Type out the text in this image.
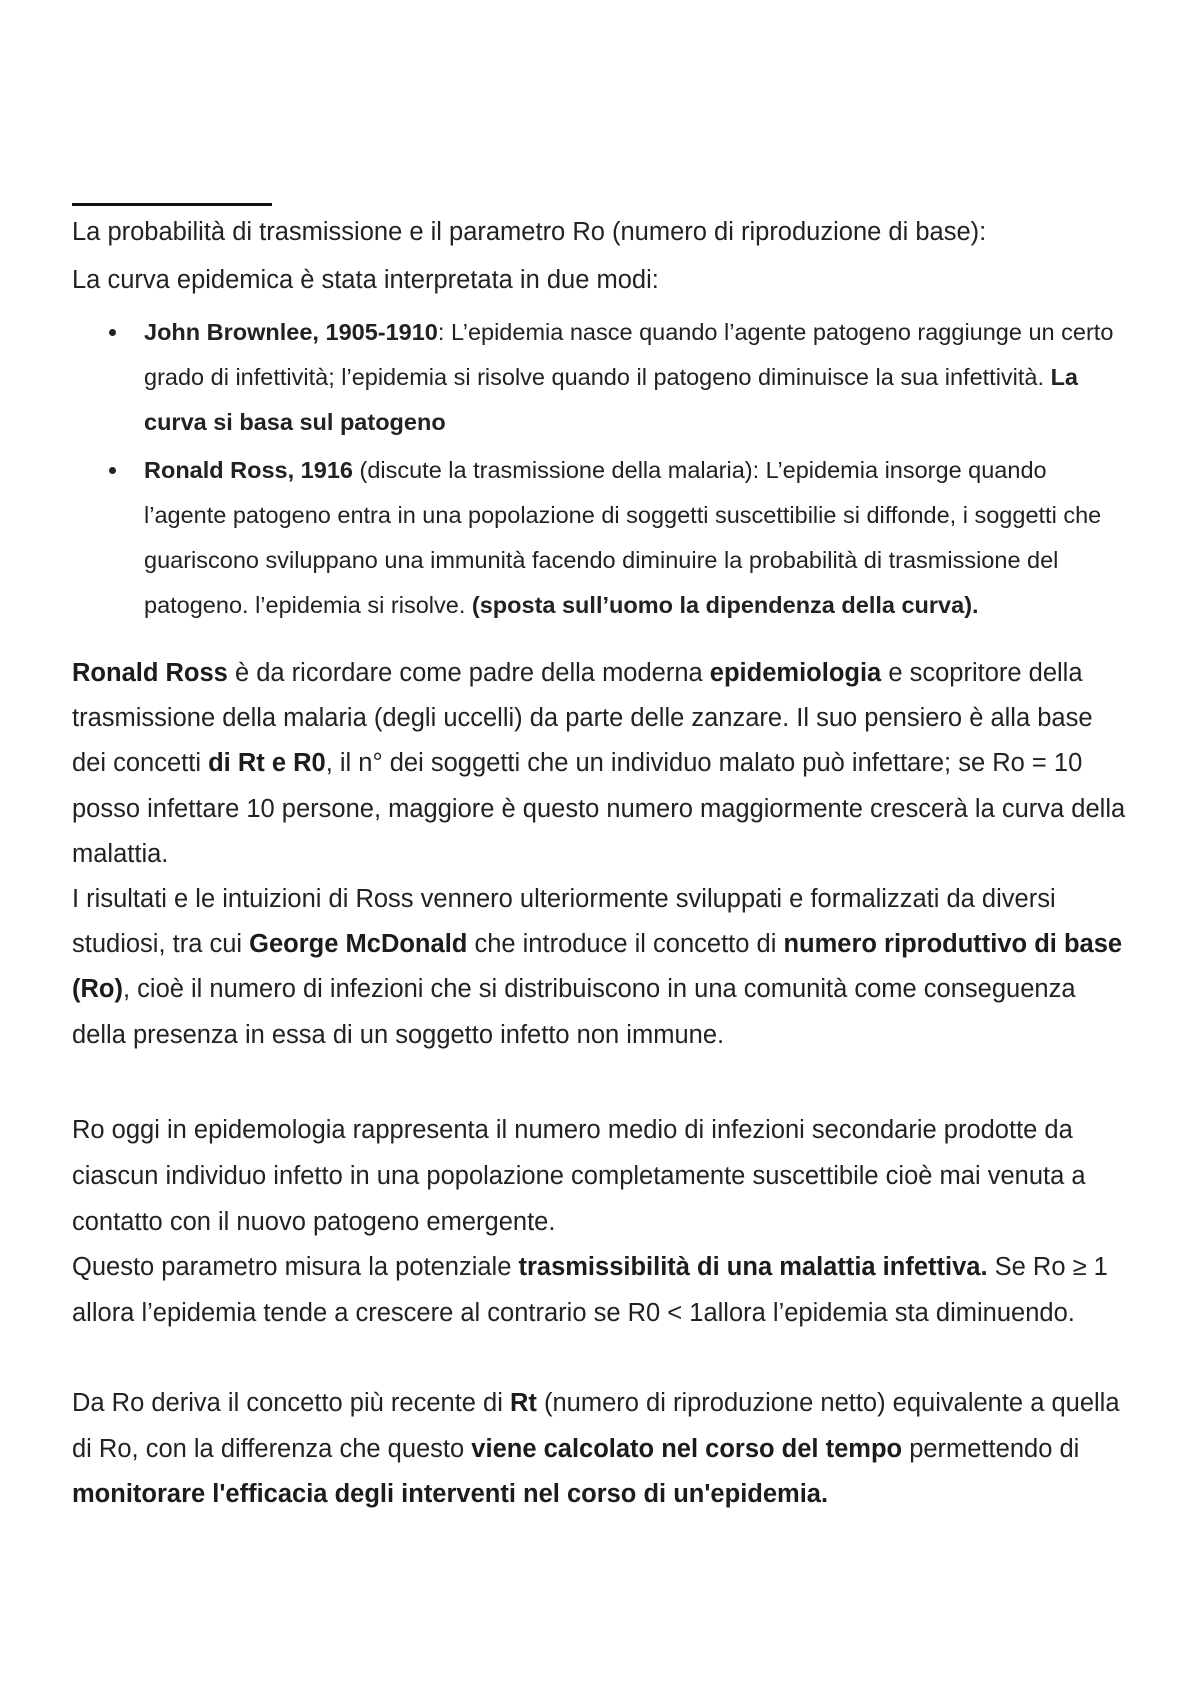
La probabilità di trasmissione e il parametro Ro (numero di riproduzione di base):
La curva epidemica è stata interpretata in due modi:
John Brownlee, 1905-1910: L’epidemia nasce quando l’agente patogeno raggiunge un certo grado di infettività; l’epidemia si risolve quando il patogeno diminuisce la sua infettività. La curva si basa sul patogeno
Ronald Ross, 1916 (discute la trasmissione della malaria): L’epidemia insorge quando l’agente patogeno entra in una popolazione di soggetti suscettibilie si diffonde, i soggetti che guariscono sviluppano una immunità facendo diminuire la probabilità di trasmissione del patogeno. l’epidemia si risolve. (sposta sull’uomo la dipendenza della curva).
Ronald Ross è da ricordare come padre della moderna epidemiologia e scopritore della trasmissione della malaria (degli uccelli) da parte delle zanzare. Il suo pensiero è alla base dei concetti di Rt e R0, il n° dei soggetti che un individuo malato può infettare; se Ro = 10 posso infettare 10 persone, maggiore è questo numero maggiormente crescerà la curva della malattia.
I risultati e le intuizioni di Ross vennero ulteriormente sviluppati e formalizzati da diversi studiosi, tra cui George McDonald che introduce il concetto di numero riproduttivo di base (Ro), cioè il numero di infezioni che si distribuiscono in una comunità come conseguenza della presenza in essa di un soggetto infetto non immune.
Ro oggi in epidemologia rappresenta il numero medio di infezioni secondarie prodotte da ciascun individuo infetto in una popolazione completamente suscettibile cioè mai venuta a contatto con il nuovo patogeno emergente.
Questo parametro misura la potenziale trasmissibilità di una malattia infettiva. Se Ro ≥ 1 allora l’epidemia tende a crescere al contrario se R0 < 1allora l’epidemia sta diminuendo.
Da Ro deriva il concetto più recente di Rt (numero di riproduzione netto) equivalente a quella di Ro, con la differenza che questo viene calcolato nel corso del tempo permettendo di monitorare l'efficacia degli interventi nel corso di un'epidemia.
